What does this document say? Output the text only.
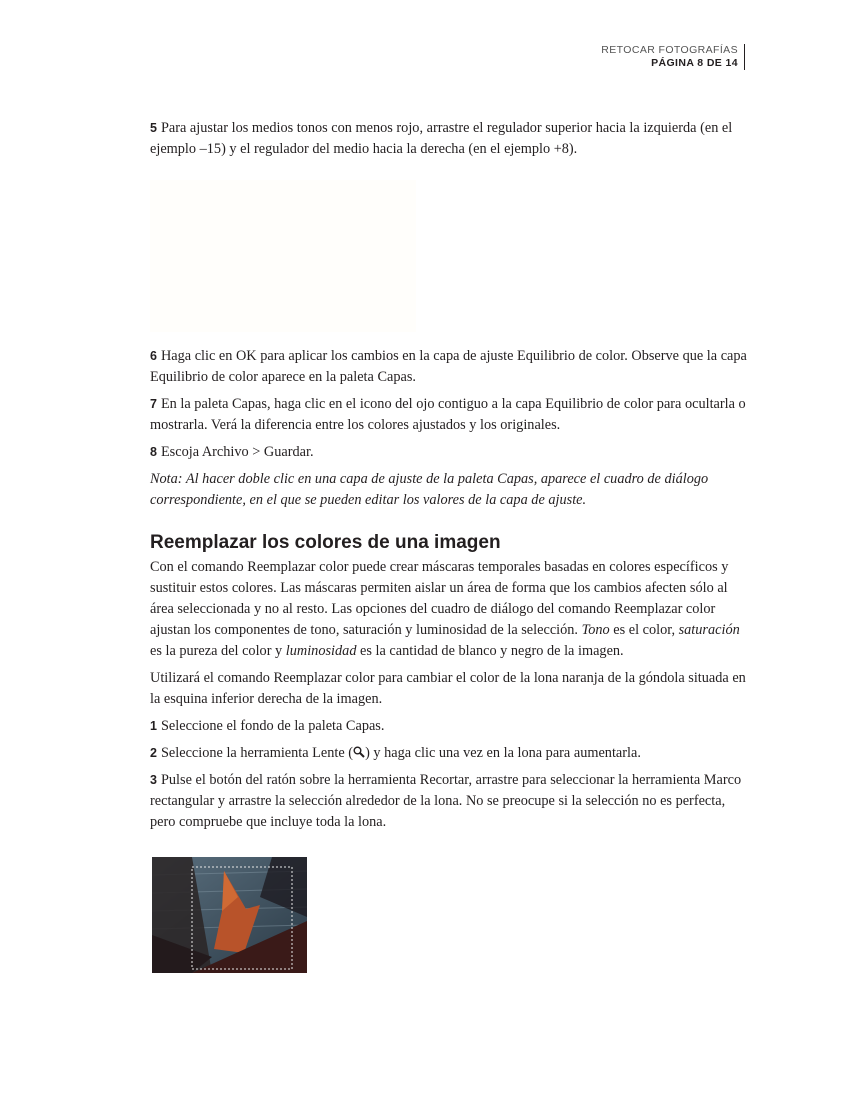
RETOCAR FOTOGRAFÍAS
PÁGINA 8 DE 14

5 Para ajustar los medios tonos con menos rojo, arrastre el regulador superior hacia la izquierda (en el ejemplo –15) y el regulador del medio hacia la derecha (en el ejemplo +8).

6 Haga clic en OK para aplicar los cambios en la capa de ajuste Equilibrio de color. Observe que la capa Equilibrio de color aparece en la paleta Capas.

7 En la paleta Capas, haga clic en el icono del ojo contiguo a la capa Equilibrio de color para ocultarla o mostrarla. Verá la diferencia entre los colores ajustados y los originales.

8 Escoja Archivo > Guardar.

Nota: Al hacer doble clic en una capa de ajuste de la paleta Capas, aparece el cuadro de diálogo correspondiente, en el que se pueden editar los valores de la capa de ajuste.

Reemplazar los colores de una imagen

Con el comando Reemplazar color puede crear máscaras temporales basadas en colores específicos y sustituir estos colores. Las máscaras permiten aislar un área de forma que los cambios afecten sólo al área seleccionada y no al resto. Las opciones del cuadro de diálogo del comando Reemplazar color ajustan los componentes de tono, saturación y luminosidad de la selección. Tono es el color, saturación es la pureza del color y luminosidad es la cantidad de blanco y negro de la imagen.

Utilizará el comando Reemplazar color para cambiar el color de la lona naranja de la góndola situada en la esquina inferior derecha de la imagen.

1 Seleccione el fondo de la paleta Capas.

2 Seleccione la herramienta Lente ( ) y haga clic una vez en la lona para aumentarla.

3 Pulse el botón del ratón sobre la herramienta Recortar, arrastre para seleccionar la herramienta Marco rectangular y arrastre la selección alrededor de la lona. No se preocupe si la selección no es perfecta, pero compruebe que incluye toda la lona.
